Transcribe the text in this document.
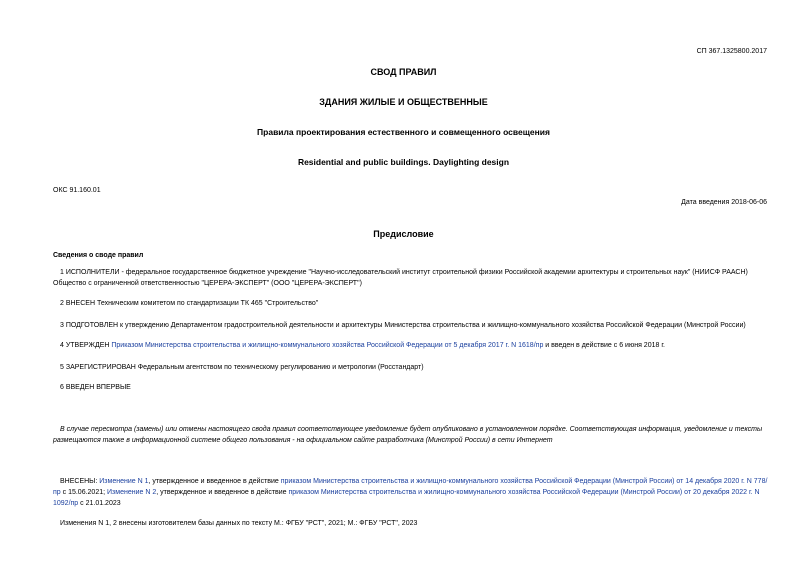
СП 367.1325800.2017
СВОД ПРАВИЛ
ЗДАНИЯ ЖИЛЫЕ И ОБЩЕСТВЕННЫЕ
Правила проектирования естественного и совмещенного освещения
Residential and public buildings. Daylighting design
ОКС 91.160.01
Дата введения 2018-06-06
Предисловие
Сведения о своде правил
1 ИСПОЛНИТЕЛИ - федеральное государственное бюджетное учреждение "Научно-исследовательский институт строительной физики Российской академии архитектуры и строительных наук" (НИИСФ РААСН) Общество с ограниченной ответственностью "ЦЕРЕРА-ЭКСПЕРТ" (ООО "ЦЕРЕРА-ЭКСПЕРТ")
2 ВНЕСЕН Техническим комитетом по стандартизации ТК 465 "Строительство"
3 ПОДГОТОВЛЕН к утверждению Департаментом градостроительной деятельности и архитектуры Министерства строительства и жилищно-коммунального хозяйства Российской Федерации (Минстрой России)
4 УТВЕРЖДЕН Приказом Министерства строительства и жилищно-коммунального хозяйства Российской Федерации от 5 декабря 2017 г. N 1618/пр и введен в действие с 6 июня 2018 г.
5 ЗАРЕГИСТРИРОВАН Федеральным агентством по техническому регулированию и метрологии (Росстандарт)
6 ВВЕДЕН ВПЕРВЫЕ
В случае пересмотра (замены) или отмены настоящего свода правил соответствующее уведомление будет опубликовано в установленном порядке. Соответствующая информация, уведомление и тексты размещаются также в информационной системе общего пользования - на официальном сайте разработчика (Минстрой России) в сети Интернет
ВНЕСЕНЫ: Изменение N 1, утвержденное и введенное в действие приказом Министерства строительства и жилищно-коммунального хозяйства Российской Федерации (Минстрой России) от 14 декабря 2020 г. N 778/пр с 15.06.2021; Изменение N 2, утвержденное и введенное в действие приказом Министерства строительства и жилищно-коммунального хозяйства Российской Федерации (Минстрой России) от 20 декабря 2022 г. N 1092/пр с 21.01.2023
Изменения N 1, 2 внесены изготовителем базы данных по тексту М.: ФГБУ "РСТ", 2021; М.: ФГБУ "РСТ", 2023
